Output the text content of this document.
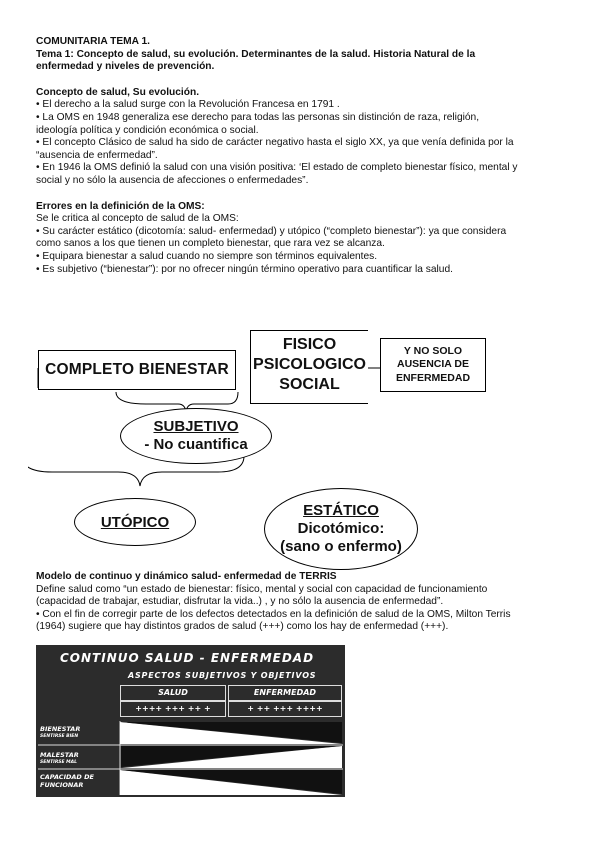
COMUNITARIA TEMA 1.

Tema 1: Concepto de salud, su evolución. Determinantes de la salud. Historia Natural de la

enfermedad y niveles de prevención.

Concepto de salud, Su evolución.

• El derecho a la salud surge con la Revolución Francesa en 1791 .
• La OMS en 1948 generaliza ese derecho para todas las personas sin distinción de raza, religión,

ideología política y condición económica o social.

• El concepto Clásico de salud ha sido de carácter negativo hasta el siglo XX, ya que venía definida por la

“ausencia de enfermedad”.

• En 1946 la OMS definió la salud con una visión positiva: ‘El estado de completo bienestar físico, mental y

social y no sólo la ausencia de afecciones o enfermedades”.

Errores en la definición de la OMS:

Se le critica al concepto de salud de la OMS:

• Su carácter estático (dicotomía: salud- enfermedad) y utópico (“completo bienestar”): ya que considera

como sanos a los que tienen un completo bienestar, que rara vez se alcanza.

• Equipara bienestar a salud cuando no siempre son términos equivalentes.
• Es subjetivo (“bienestar”): por no ofrecer ningún término operativo para cuantificar la salud.
COMPLETO BIENESTAR
FISICO
PSICOLOGICO
SOCIAL
Y NO SOLO
AUSENCIA DE
ENFERMEDAD
SUBJETIVO
- No cuantifica
UTÓPICO
ESTÁTICO
Dicotómico:
(sano o enfermo)

Modelo de continuo y dinámico salud- enfermedad de TERRIS

Define salud como “un estado de bienestar: físico, mental y social con capacidad de funcionamiento

(capacidad de trabajar, estudiar, disfrutar la vida..) , y no sólo la ausencia de enfermedad”.

• Con el fin de corregir parte de los defectos detectados en la definición de salud de la OMS, Milton Terris

(1964) sugiere que hay distintos grados de salud (+++) como los hay de enfermedad (+++).

CONTINUO SALUD - ENFERMEDAD
ASPECTOS SUBJETIVOS Y OBJETIVOS
SALUD	ENFERMEDAD
++++ +++ ++ +	+ ++ +++ ++++
BIENESTAR
SENTIRSE BIEN
MALESTAR
SENTIRSE MAL
CAPACIDAD DE
FUNCIONAR
